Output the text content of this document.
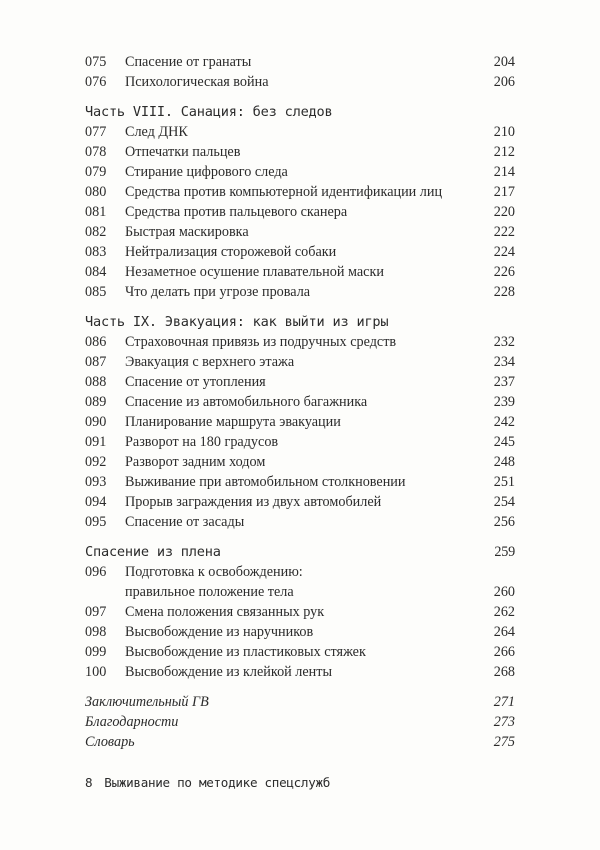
075	Спасение от гранаты	204
076	Психологическая война	206
Часть VIII. Санация: без следов
077	След ДНК	210
078	Отпечатки пальцев	212
079	Стирание цифрового следа	214
080	Средства против компьютерной идентификации лиц	217
081	Средства против пальцевого сканера	220
082	Быстрая маскировка	222
083	Нейтрализация сторожевой собаки	224
084	Незаметное осушение плавательной маски	226
085	Что делать при угрозе провала	228
Часть IX. Эвакуация: как выйти из игры
086	Страховочная привязь из подручных средств	232
087	Эвакуация с верхнего этажа	234
088	Спасение от утопления	237
089	Спасение из автомобильного багажника	239
090	Планирование маршрута эвакуации	242
091	Разворот на 180 градусов	245
092	Разворот задним ходом	248
093	Выживание при автомобильном столкновении	251
094	Прорыв заграждения из двух автомобилей	254
095	Спасение от засады	256
Спасение из плена	259
096	Подготовка к освобождению: правильное положение тела	260
097	Смена положения связанных рук	262
098	Высвобождение из наручников	264
099	Высвобождение из пластиковых стяжек	266
100	Высвобождение из клейкой ленты	268
Заключительный ГВ	271
Благодарности	273
Словарь	275
8 Выживание по методике спецслужб
